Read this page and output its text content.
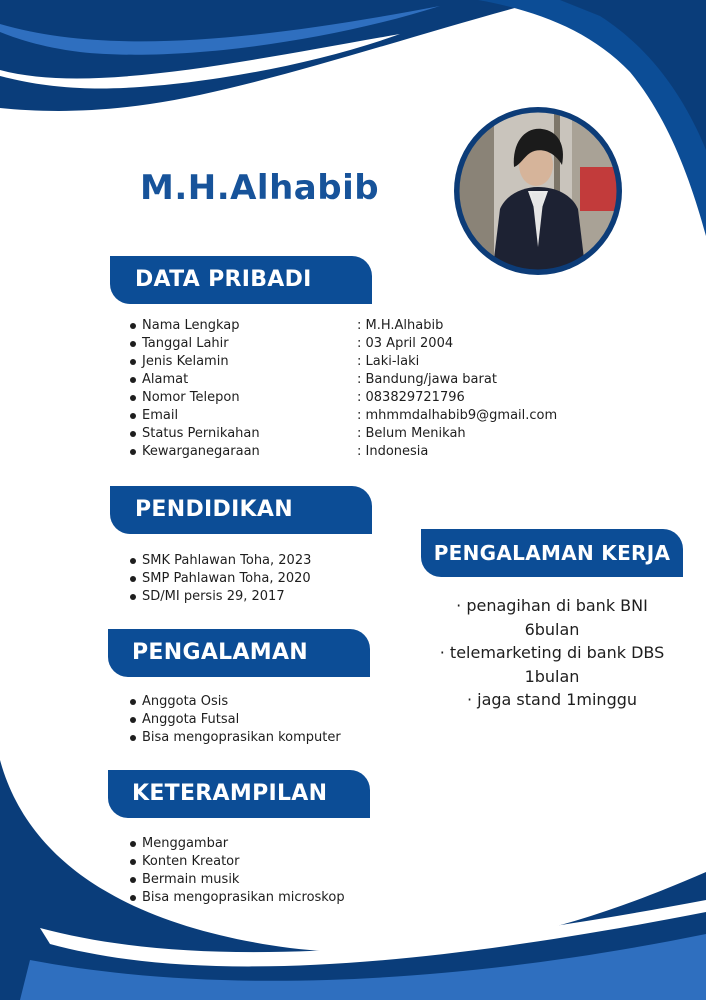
M.H.Alhabib
DATA PRIBADI
Nama Lengkap
Tanggal Lahir
Jenis Kelamin
Alamat
Nomor Telepon
Email
Status Pernikahan
Kewarganegaraan
: M.H.Alhabib
: 03 April 2004
: Laki-laki
: Bandung/jawa barat
: 083829721796
: mhmmdalhabib9@gmail.com
: Belum Menikah
: Indonesia
PENDIDIKAN
SMK Pahlawan Toha, 2023
SMP Pahlawan Toha, 2020
SD/MI persis 29, 2017
PENGALAMAN
Anggota Osis
Anggota Futsal
Bisa mengoprasikan komputer
KETERAMPILAN
Menggambar
Konten Kreator
Bermain musik
Bisa mengoprasikan microskop
PENGALAMAN KERJA
· penagihan di bank BNI
6bulan
· telemarketing di bank DBS
1bulan
· jaga stand 1minggu
